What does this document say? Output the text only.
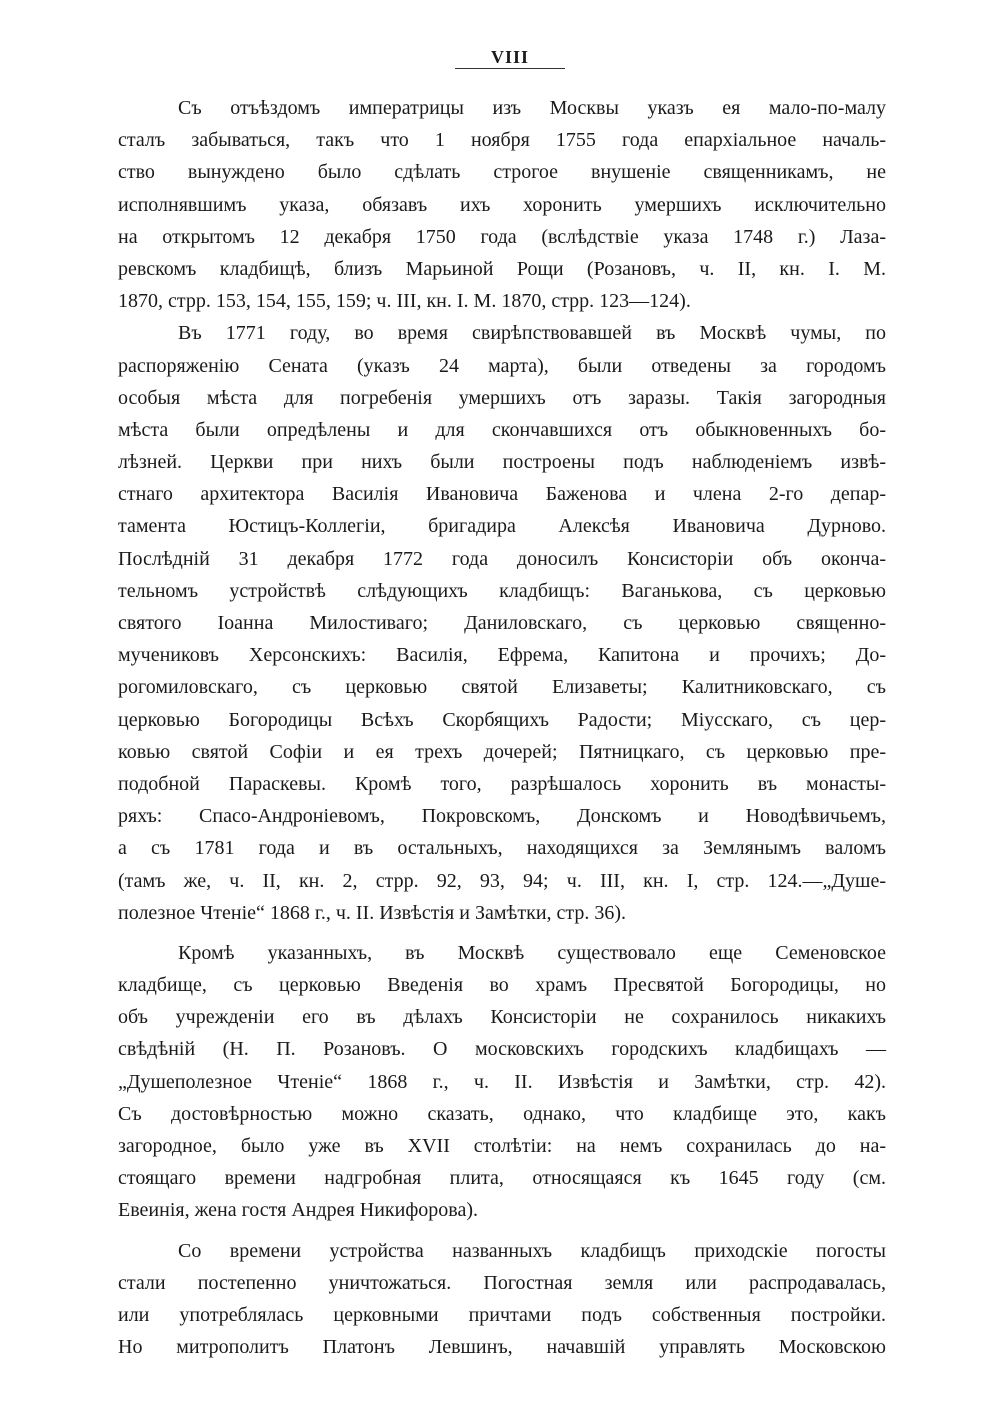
VIII
Съ отъѣздомъ императрицы изъ Москвы указъ ея мало-по-малу
сталъ забываться, такъ что 1 ноября 1755 года епархіальное началь-
ство вынуждено было сдѣлать строгое внушеніе священникамъ, не
исполнявшимъ указа, обязавъ ихъ хоронить умершихъ исключительно
на открытомъ 12 декабря 1750 года (вслѣдствіе указа 1748 г.) Лаза-
ревскомъ кладбищѣ, близъ Марьиной Рощи (Розановъ, ч. II, кн. I. М.
1870, стрр. 153, 154, 155, 159; ч. III, кн. I. М. 1870, стрр. 123—124).
Въ 1771 году, во время свирѣпствовавшей въ Москвѣ чумы, по
распоряженію Сената (указъ 24 марта), были отведены за городомъ
особыя мѣста для погребенія умершихъ отъ заразы. Такія загородныя
мѣста были опредѣлены и для скончавшихся отъ обыкновенныхъ бо-
лѣзней. Церкви при нихъ были построены подъ наблюденіемъ извѣ-
стнаго архитектора Василія Ивановича Баженова и члена 2-го депар-
тамента Юстицъ-Коллегіи, бригадира Алексѣя Ивановича Дурново.
Послѣдній 31 декабря 1772 года доносилъ Консисторіи объ оконча-
тельномъ устройствѣ слѣдующихъ кладбищъ: Ваганькова, съ церковью
святого Іоанна Милостиваго; Даниловскаго, съ церковью священно-
мучениковъ Херсонскихъ: Василія, Ефрема, Капитона и прочихъ; До-
рогомиловскаго, съ церковью святой Елизаветы; Калитниковскаго, съ
церковью Богородицы Всѣхъ Скорбящихъ Радости; Міусскаго, съ цер-
ковью святой Софіи и ея трехъ дочерей; Пятницкаго, съ церковью пре-
подобной Параскевы. Кромѣ того, разрѣшалось хоронить въ монасты-
ряхъ: Спасо-Андроніевомъ, Покровскомъ, Донскомъ и Новодѣвичьемъ,
а съ 1781 года и въ остальныхъ, находящихся за Землянымъ валомъ
(тамъ же, ч. II, кн. 2, стрр. 92, 93, 94; ч. III, кн. I, стр. 124.—„Душе-
полезное Чтеніе“ 1868 г., ч. II. Извѣстія и Замѣтки, стр. 36).
Кромѣ указанныхъ, въ Москвѣ существовало еще Семеновское
кладбище, съ церковью Введенія во храмъ Пресвятой Богородицы, но
объ учрежденіи его въ дѣлахъ Консисторіи не сохранилось никакихъ
свѣдѣній (Н. П. Розановъ. О московскихъ городскихъ кладбищахъ —
„Душеполезное Чтеніе“ 1868 г., ч. II. Извѣстія и Замѣтки, стр. 42).
Съ достовѣрностью можно сказать, однако, что кладбище это, какъ
загородное, было уже въ XVII столѣтіи: на немъ сохранилась до на-
стоящаго времени надгробная плита, относящаяся къ 1645 году (см.
Евеинія, жена гостя Андрея Никифорова).
Со времени устройства названныхъ кладбищъ приходскіе погосты
стали постепенно уничтожаться. Погостная земля или распродавалась,
или употреблялась церковными причтами подъ собственныя постройки.
Но митрополитъ Платонъ Левшинъ, начавшій управлять Московскою
